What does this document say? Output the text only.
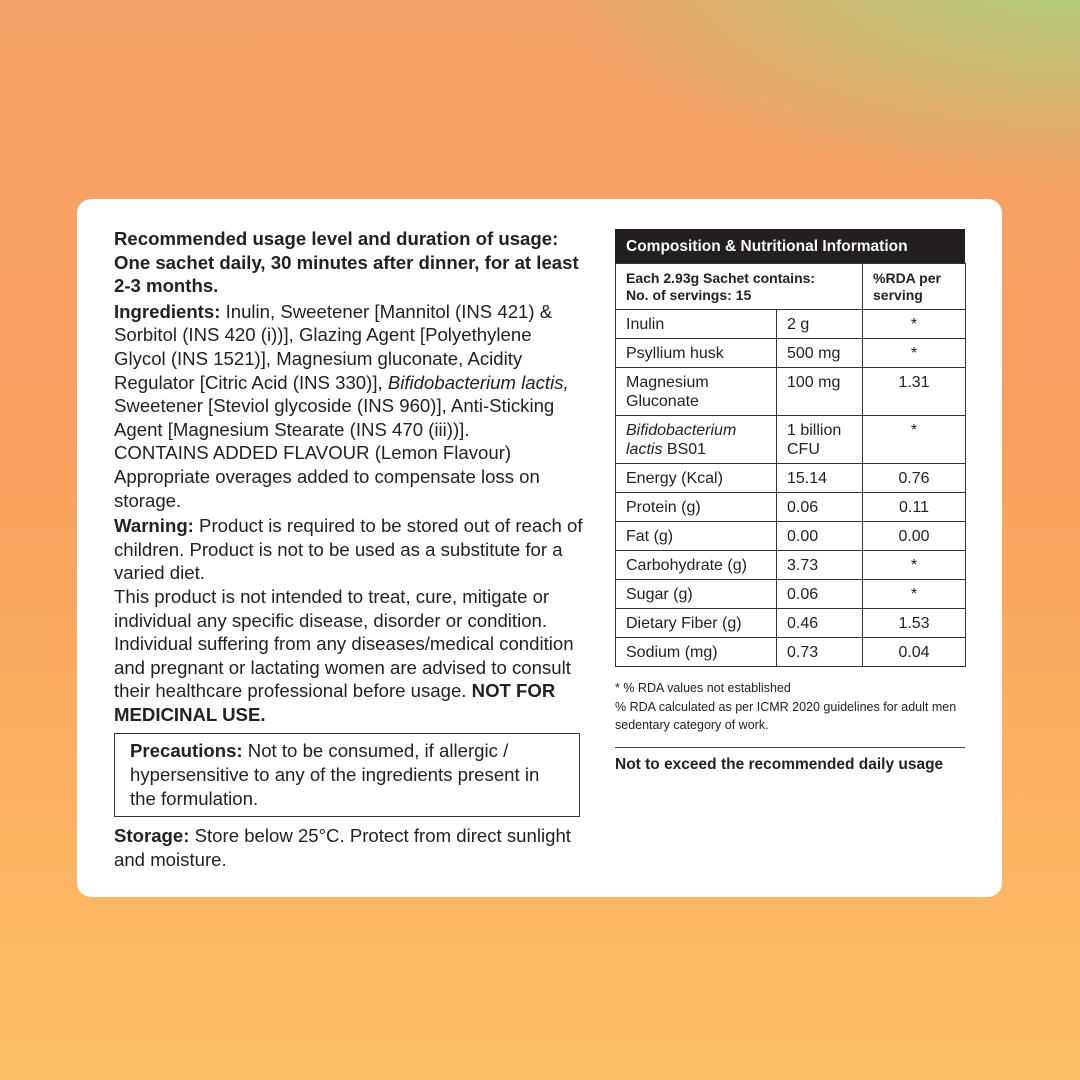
Recommended usage level and duration of usage: One sachet daily, 30 minutes after dinner, for at least 2-3 months.

Ingredients: Inulin, Sweetener [Mannitol (INS 421) & Sorbitol (INS 420 (i))], Glazing Agent [Polyethylene Glycol (INS 1521)], Magnesium gluconate, Acidity Regulator [Citric Acid (INS 330)], Bifidobacterium lactis, Sweetener [Steviol glycoside (INS 960)], Anti-Sticking Agent [Magnesium Stearate (INS 470 (iii))].

CONTAINS ADDED FLAVOUR (Lemon Flavour)

Appropriate overages added to compensate loss on storage.

Warning: Product is required to be stored out of reach of children. Product is not to be used as a substitute for a varied diet.

This product is not intended to treat, cure, mitigate or individual any specific disease, disorder or condition. Individual suffering from any diseases/medical condition and pregnant or lactating women are advised to consult their healthcare professional before usage. NOT FOR MEDICINAL USE.

Precautions: Not to be consumed, if allergic / hypersensitive to any of the ingredients present in the formulation.

Storage: Store below 25°C. Protect from direct sunlight and moisture.

Composition & Nutritional Information
Each 2.93g Sachet contains:
No. of servings: 15		%RDA per serving
Inulin	2 g	*
Psyllium husk	500 mg	*
Magnesium Gluconate	100 mg	1.31
Bifidobacterium lactis BS01	1 billion CFU	*
Energy (Kcal)	15.14	0.76
Protein (g)	0.06	0.11
Fat (g)	0.00	0.00
Carbohydrate (g)	3.73	*
Sugar (g)	0.06	*
Dietary Fiber (g)	0.46	1.53
Sodium (mg)	0.73	0.04
* % RDA values not established
% RDA calculated as per ICMR 2020 guidelines for adult men sedentary category of work.
Not to exceed the recommended daily usage
